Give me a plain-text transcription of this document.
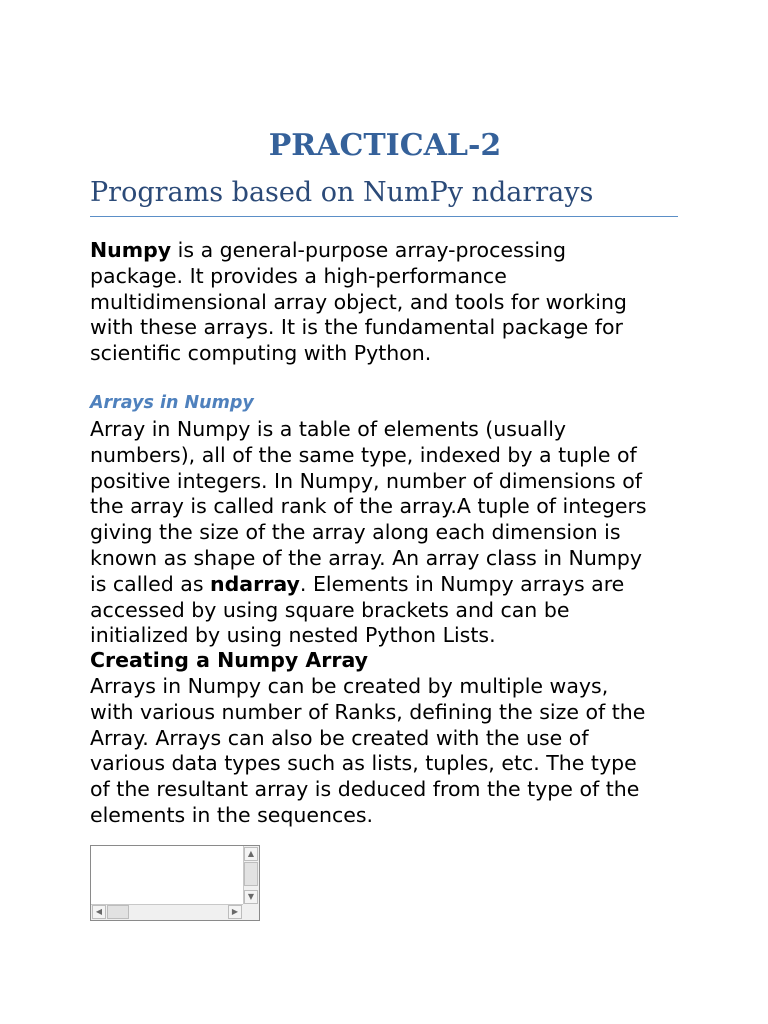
PRACTICAL-2
Programs based on NumPy ndarrays
Numpy is a general-purpose array-processing
package. It provides a high-performance
multidimensional array object, and tools for working
with these arrays. It is the fundamental package for
scientific computing with Python.
Arrays in Numpy
Array in Numpy is a table of elements (usually
numbers), all of the same type, indexed by a tuple of
positive integers. In Numpy, number of dimensions of
the array is called rank of the array.A tuple of integers
giving the size of the array along each dimension is
known as shape of the array. An array class in Numpy
is called as ndarray. Elements in Numpy arrays are
accessed by using square brackets and can be
initialized by using nested Python Lists.
Creating a Numpy Array
Arrays in Numpy can be created by multiple ways,
with various number of Ranks, defining the size of the
Array. Arrays can also be created with the use of
various data types such as lists, tuples, etc. The type
of the resultant array is deduced from the type of the
elements in the sequences.
▲
▼
◀	▶
